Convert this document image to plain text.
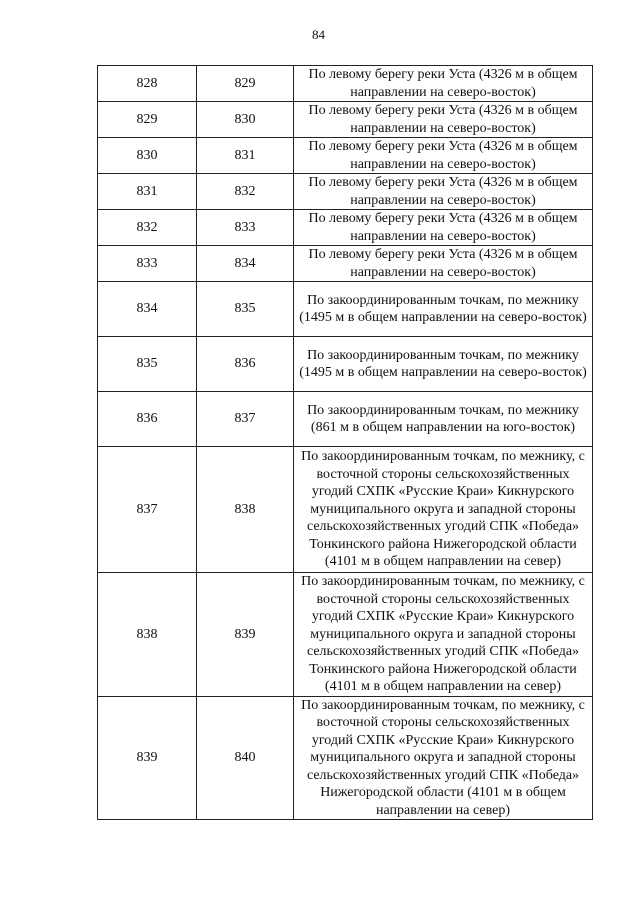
84
828	829	По левому берегу реки Уста (4326 м в общем направлении на северо-восток)
829	830	По левому берегу реки Уста (4326 м в общем направлении на северо-восток)
830	831	По левому берегу реки Уста (4326 м в общем направлении на северо-восток)
831	832	По левому берегу реки Уста (4326 м в общем направлении на северо-восток)
832	833	По левому берегу реки Уста (4326 м в общем направлении на северо-восток)
833	834	По левому берегу реки Уста (4326 м в общем направлении на северо-восток)
834	835	По закоординированным точкам, по межнику (1495 м в общем направлении на северо-восток)
835	836	По закоординированным точкам, по межнику (1495 м в общем направлении на северо-восток)
836	837	По закоординированным точкам, по межнику (861 м в общем направлении на юго-восток)
837	838	По закоординированным точкам, по межнику, с восточной стороны сельскохозяйственных угодий СХПК «Русские Краи» Кикнурского муниципального округа и западной стороны сельскохозяйственных угодий СПК «Победа» Тонкинского района Нижегородской области (4101 м в общем направлении на север)
838	839	По закоординированным точкам, по межнику, с восточной стороны сельскохозяйственных угодий СХПК «Русские Краи» Кикнурского муниципального округа и западной стороны сельскохозяйственных угодий СПК «Победа» Тонкинского района Нижегородской области (4101 м в общем направлении на север)
839	840	По закоординированным точкам, по межнику, с восточной стороны сельскохозяйственных угодий СХПК «Русские Краи» Кикнурского муниципального округа и западной стороны сельскохозяйственных угодий СПК «Победа» Нижегородской области (4101 м в общем направлении на север)
